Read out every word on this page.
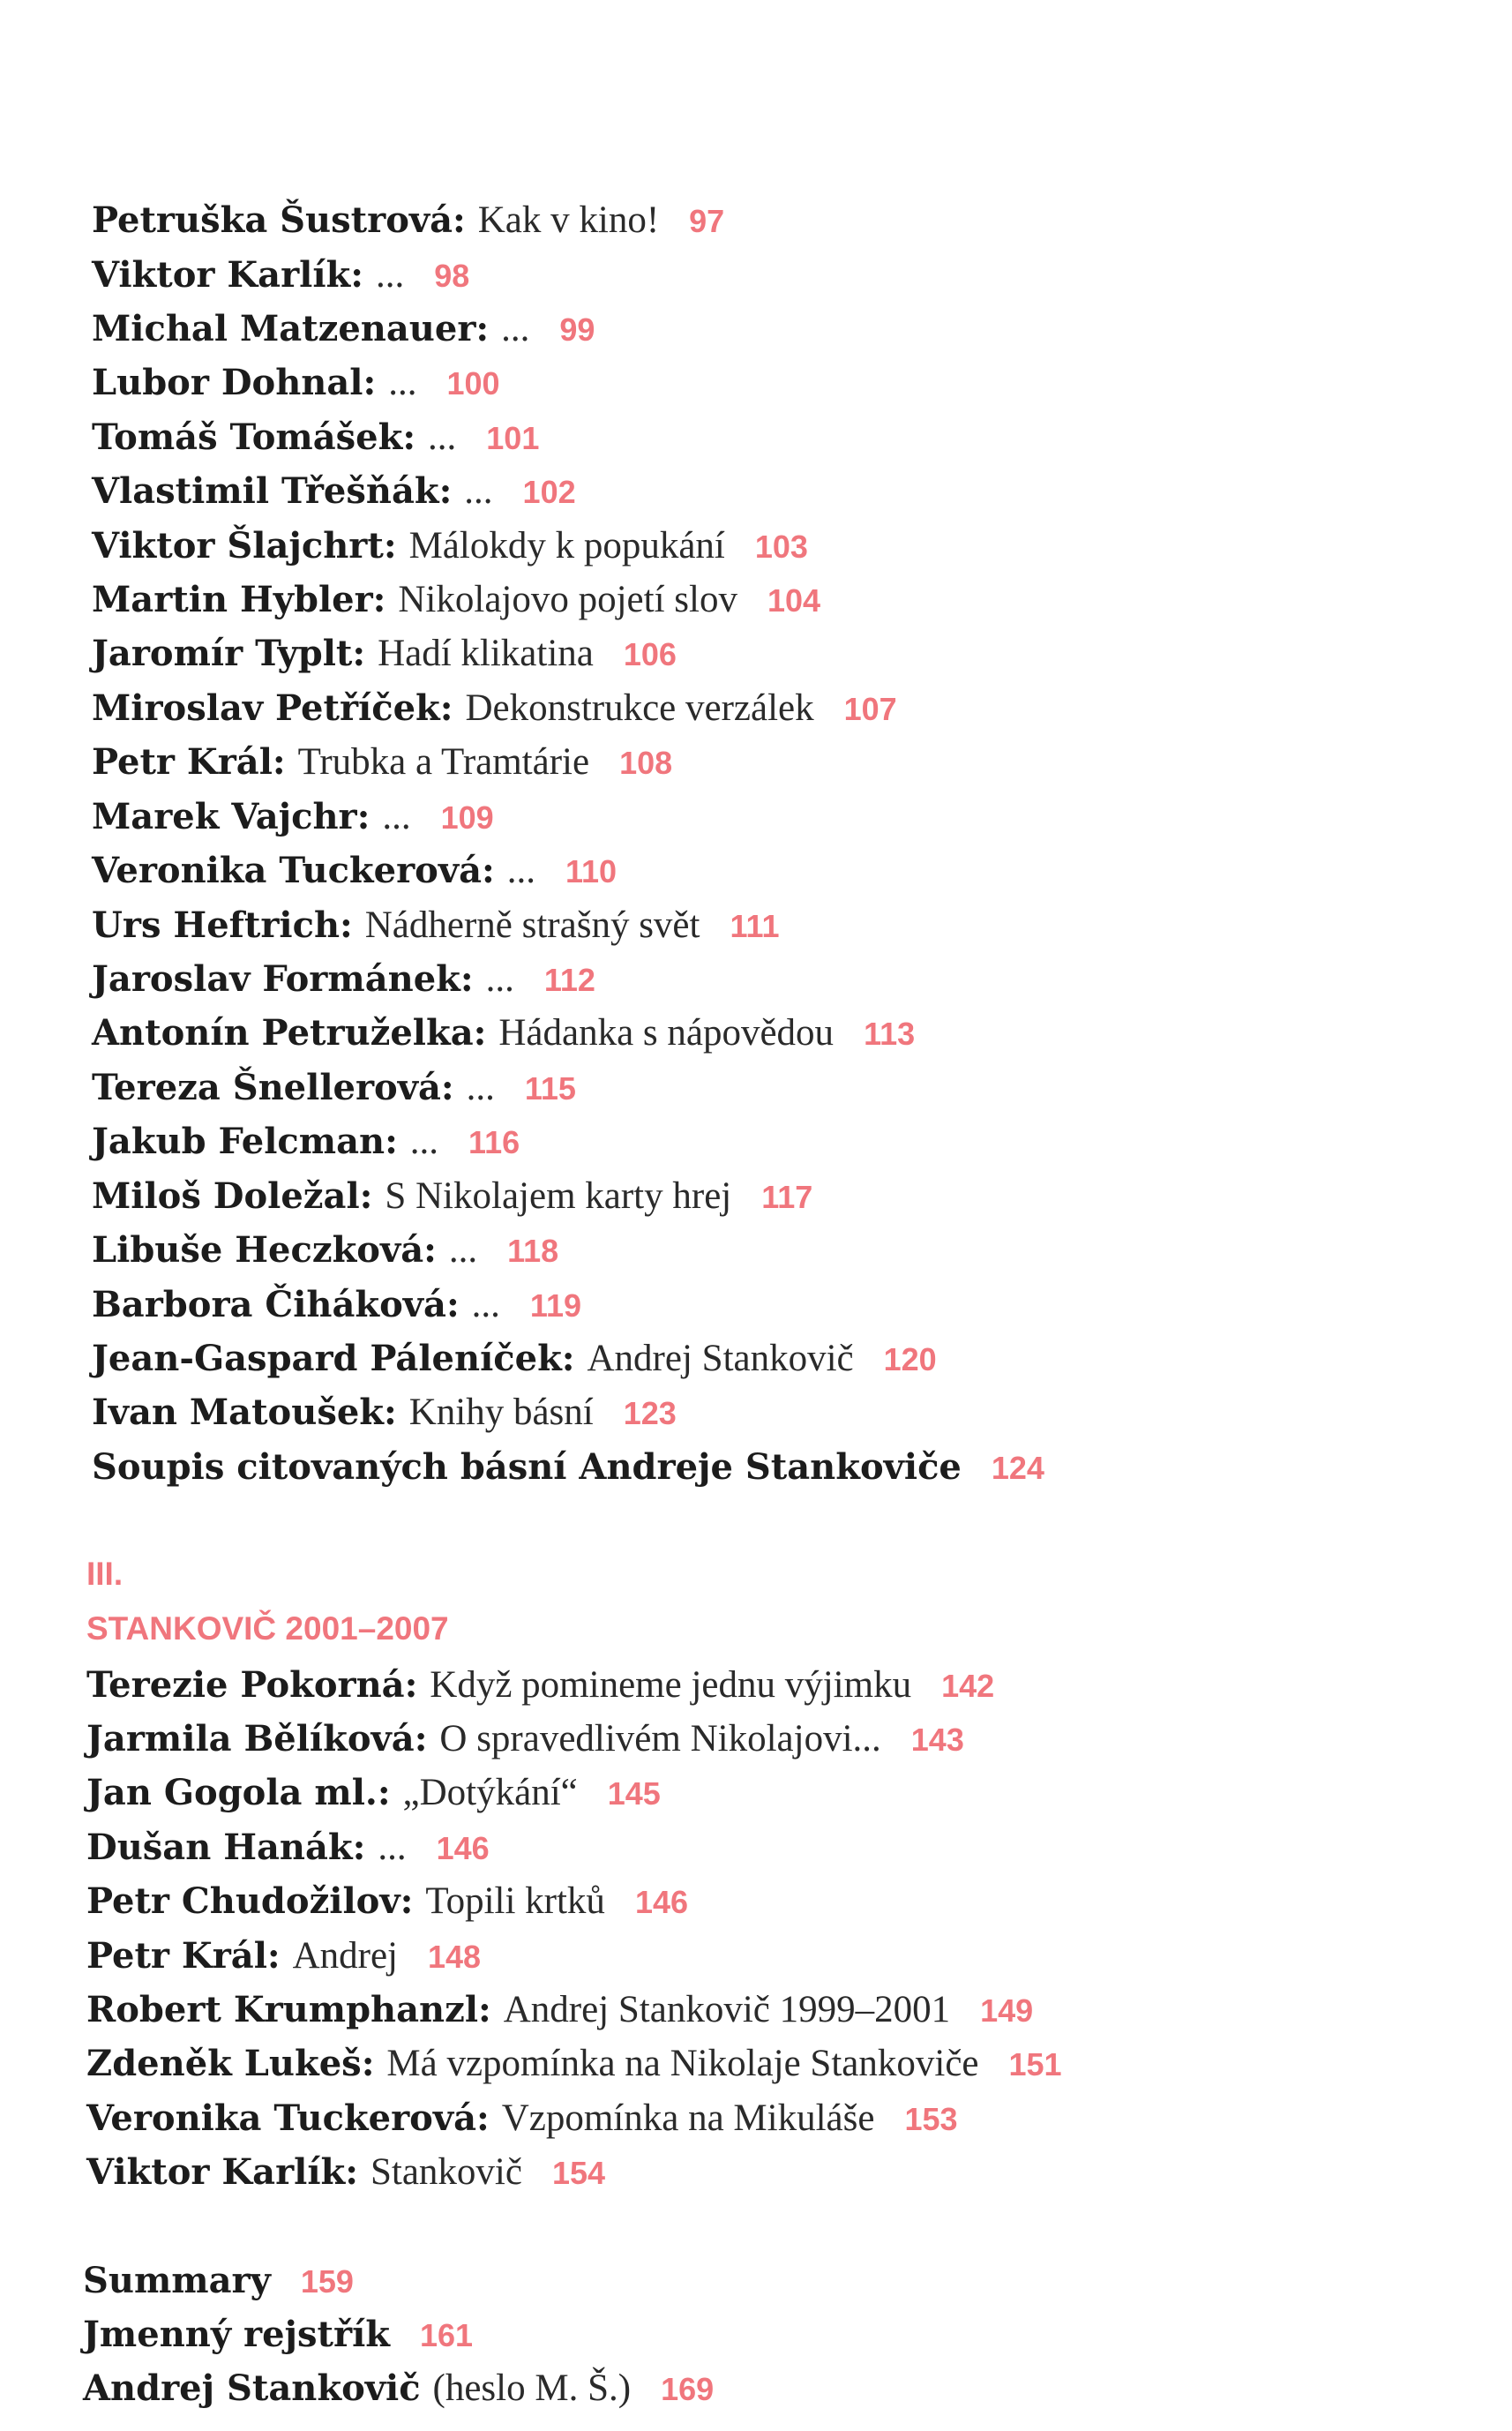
Petruška Šustrová: Kak v kino! 97
Viktor Karlík: ... 98
Michal Matzenauer: ... 99
Lubor Dohnal: ... 100
Tomáš Tomášek: ... 101
Vlastimil Třešňák: ... 102
Viktor Šlajchrt: Málokdy k popukání 103
Martin Hybler: Nikolajovo pojetí slov 104
Jaromír Typlt: Hadí klikatina 106
Miroslav Petříček: Dekonstrukce verzálek 107
Petr Král: Trubka a Tramtárie 108
Marek Vajchr: ... 109
Veronika Tuckerová: ... 110
Urs Heftrich: Nádherně strašný svět 111
Jaroslav Formánek: ... 112
Antonín Petruželka: Hádanka s nápovědou 113
Tereza Šnellerová: ... 115
Jakub Felcman: ... 116
Miloš Doležal: S Nikolajem karty hrej 117
Libuše Heczková: ... 118
Barbora Čiháková: ... 119
Jean-Gaspard Páleníček: Andrej Stankovič 120
Ivan Matoušek: Knihy básní 123
Soupis citovaných básní Andreje Stankoviče 124
III.
STANKOVIČ 2001–2007
Terezie Pokorná: Když pomineme jednu výjimku 142
Jarmila Bělíková: O spravedlivém Nikolajovi... 143
Jan Gogola ml.: „Dotýkání“ 145
Dušan Hanák: ... 146
Petr Chudožilov: Topili krtků 146
Petr Král: Andrej 148
Robert Krumphanzl: Andrej Stankovič 1999–2001 149
Zdeněk Lukeš: Má vzpomínka na Nikolaje Stankoviče 151
Veronika Tuckerová: Vzpomínka na Mikuláše 153
Viktor Karlík: Stankovič 154
Summary 159
Jmenný rejstřík 161
Andrej Stankovič (heslo M. Š.) 169
